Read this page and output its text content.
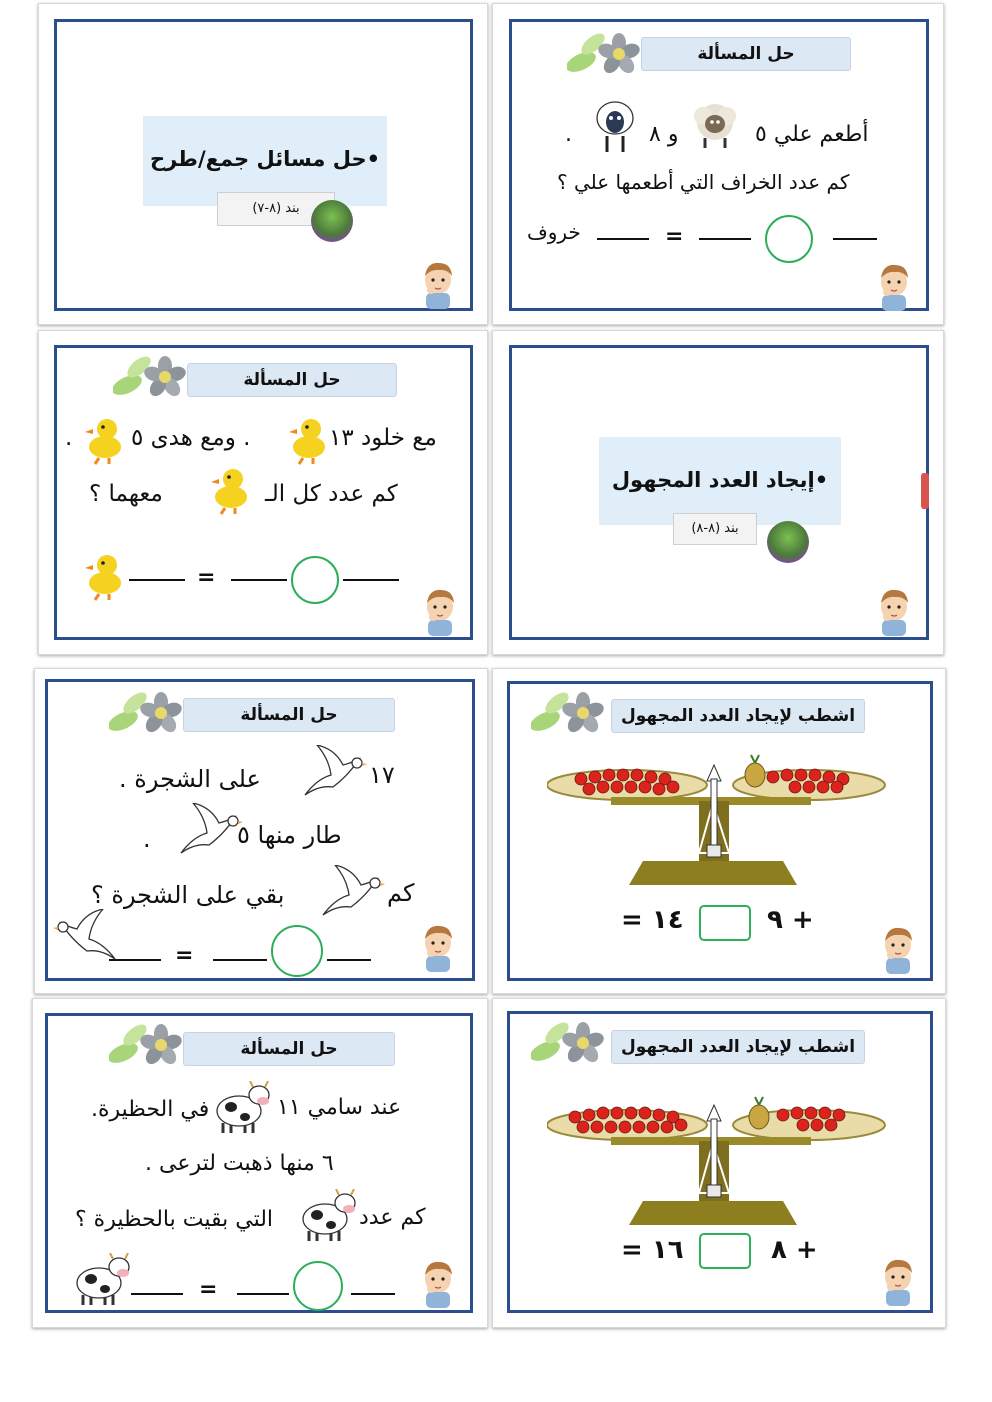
•حل مسائل جمع/طرح
بند (٨-٧)
حل المسألة
أطعم علي ٥
و ٨
.
كم عدد الخراف التي أطعمها علي ؟
=
خروف
حل المسألة
مع خلود ١٣
. ومع هدى ٥
.
كم عدد كل الـ
معهما ؟
=
•إيجاد العدد المجهول
بند (٨-٨)
حل المسألة
١٧
على الشجرة .
طار منها ٥
.
كم
بقي على الشجرة ؟
=
اشطب لإيجاد العدد المجهول
= ١٤	٩ +
حل المسألة
عند سامي ١١
في الحظيرة.
٦ منها ذهبت لترعى .
كم عدد
التي بقيت بالحظيرة ؟
=
اشطب لإيجاد العدد المجهول
= ١٦	٨ +
